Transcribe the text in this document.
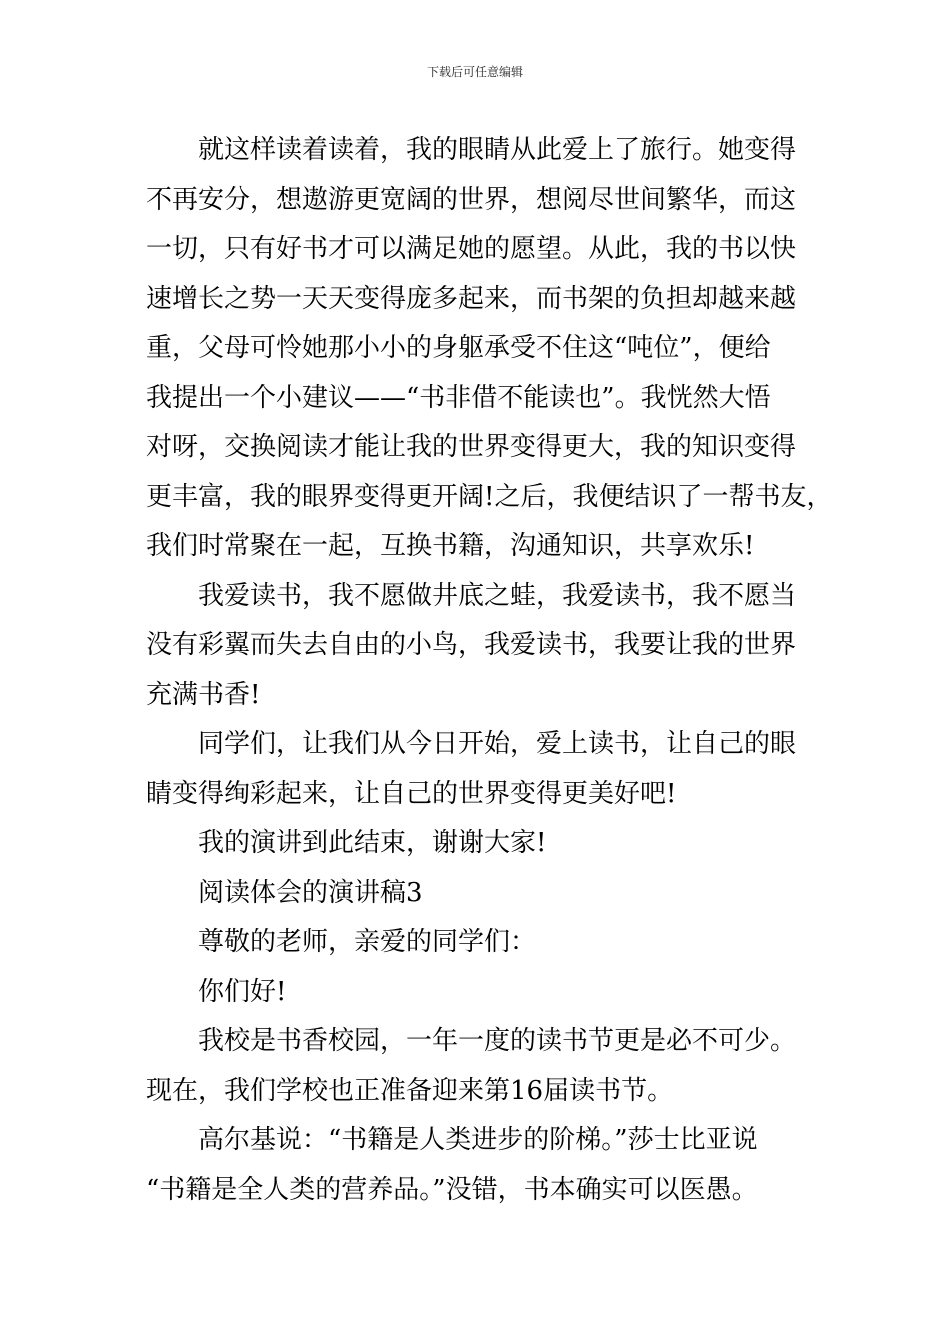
下载后可任意编辑
就这样读着读着，我的眼睛从此爱上了旅行。她变得
不再安分，想遨游更宽阔的世界，想阅尽世间繁华，而这
一切，只有好书才可以满足她的愿望。从此，我的书以快
速增长之势一天天变得庞多起来，而书架的负担却越来越
重，父母可怜她那小小的身躯承受不住这“吨位”，便给
我提出一个小建议——“书非借不能读也”。我恍然大悟
对呀，交换阅读才能让我的世界变得更大，我的知识变得
更丰富，我的眼界变得更开阔!之后，我便结识了一帮书友，
我们时常聚在一起，互换书籍，沟通知识，共享欢乐!
我爱读书，我不愿做井底之蛙，我爱读书，我不愿当
没有彩翼而失去自由的小鸟，我爱读书，我要让我的世界
充满书香!
同学们，让我们从今日开始，爱上读书，让自己的眼
睛变得绚彩起来，让自己的世界变得更美好吧!
我的演讲到此结束，谢谢大家!
阅读体会的演讲稿3
尊敬的老师，亲爱的同学们：
你们好!
我校是书香校园，一年一度的读书节更是必不可少。
现在，我们学校也正准备迎来第16届读书节。
高尔基说：“书籍是人类进步的阶梯。”莎士比亚说
“书籍是全人类的营养品。”没错，书本确实可以医愚。
